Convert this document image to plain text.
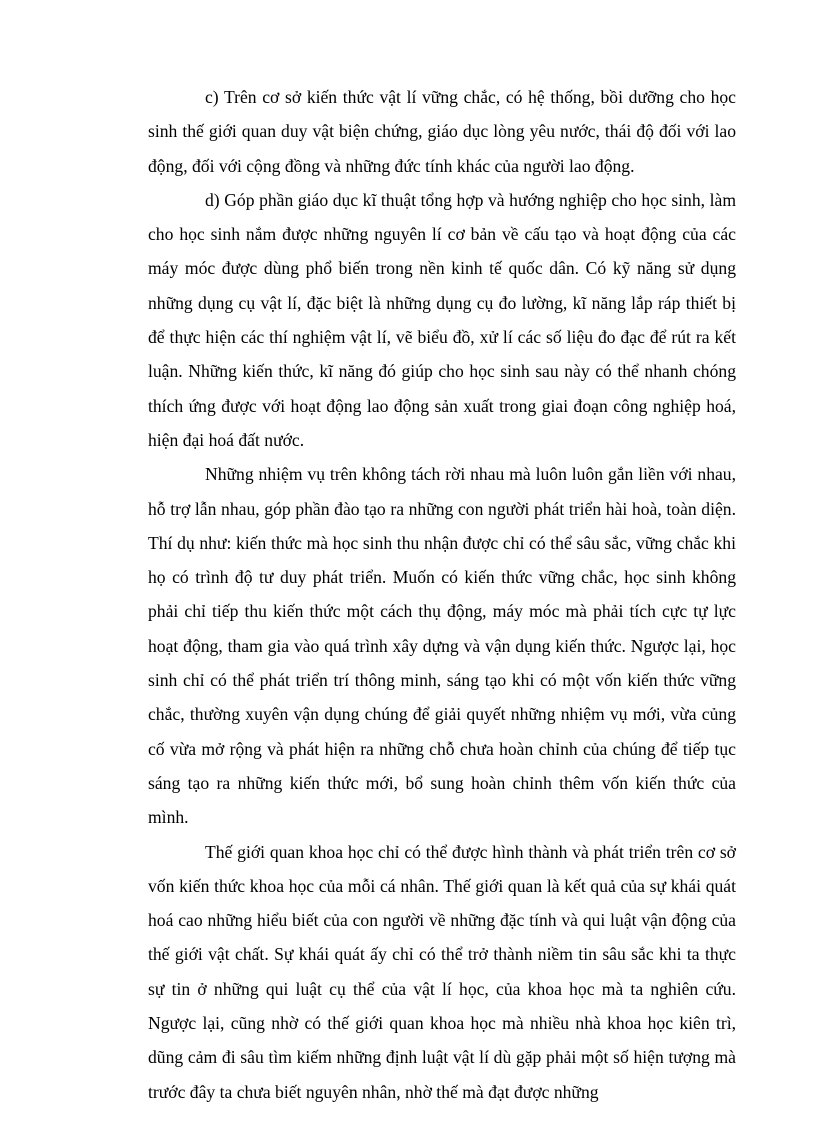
c) Trên cơ sở kiến thức vật lí vững chắc, có hệ thống, bồi dưỡng cho học sinh thế giới quan duy vật biện chứng, giáo dục lòng yêu nước, thái độ đối với lao động, đối với cộng đồng và những đức tính khác của người lao động.

d) Góp phần giáo dục kĩ thuật tổng hợp và hướng nghiệp cho học sinh, làm cho học sinh nắm được những nguyên lí cơ bản về cấu tạo và hoạt động của các máy móc được dùng phổ biến trong nền kinh tế quốc dân. Có kỹ năng sử dụng những dụng cụ vật lí, đặc biệt là những dụng cụ đo lường, kĩ năng lắp ráp thiết bị để thực hiện các thí nghiệm vật lí, vẽ biểu đồ, xử lí các số liệu đo đạc để rút ra kết luận. Những kiến thức, kĩ năng đó giúp cho học sinh sau này có thể nhanh chóng thích ứng được với hoạt động lao động sản xuất trong giai đoạn công nghiệp hoá, hiện đại hoá đất nước.

Những nhiệm vụ trên không tách rời nhau mà luôn luôn gắn liền với nhau, hỗ trợ lẫn nhau, góp phần đào tạo ra những con người phát triển hài hoà, toàn diện. Thí dụ như: kiến thức mà học sinh thu nhận được chỉ có thể sâu sắc, vững chắc khi họ có trình độ tư duy phát triển. Muốn có kiến thức vững chắc, học sinh không phải chỉ tiếp thu kiến thức một cách thụ động, máy móc mà phải tích cực tự lực hoạt động, tham gia vào quá trình xây dựng và vận dụng kiến thức. Ngược lại, học sinh chỉ có thể phát triển trí thông minh, sáng tạo khi có một vốn kiến thức vững chắc, thường xuyên vận dụng chúng để giải quyết những nhiệm vụ mới, vừa củng cố vừa mở rộng và phát hiện ra những chỗ chưa hoàn chỉnh của chúng để tiếp tục sáng tạo ra những kiến thức mới, bổ sung hoàn chỉnh thêm vốn kiến thức của mình.

Thế giới quan khoa học chỉ có thể được hình thành và phát triển trên cơ sở vốn kiến thức khoa học của mỗi cá nhân. Thế giới quan là kết quả của sự khái quát hoá cao những hiểu biết của con người về những đặc tính và qui luật vận động của thế giới vật chất. Sự khái quát ấy chỉ có thể trở thành niềm tin sâu sắc khi ta thực sự tin ở những qui luật cụ thể của vật lí học, của khoa học mà ta nghiên cứu. Ngược lại, cũng nhờ có thế giới quan khoa học mà nhiều nhà khoa học kiên trì, dũng cảm đi sâu tìm kiếm những định luật vật lí dù gặp phải một số hiện tượng mà trước đây ta chưa biết nguyên nhân, nhờ thế mà đạt được những
